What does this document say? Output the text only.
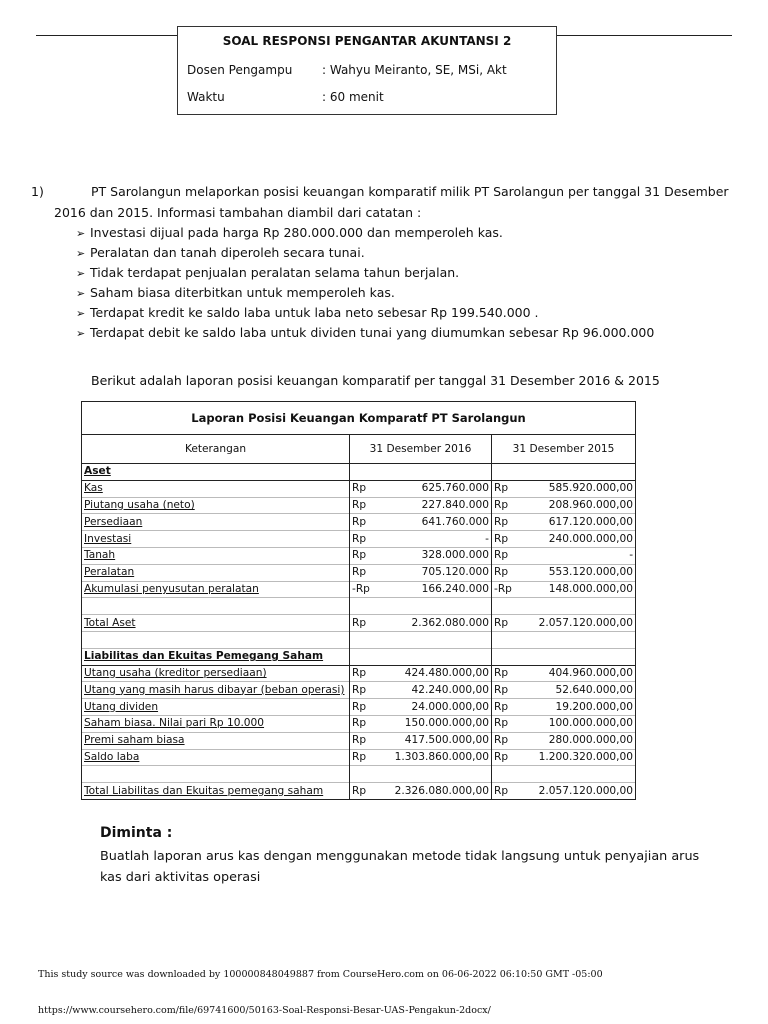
SOAL RESPONSI PENGANTAR AKUNTANSI 2
Dosen Pengampu : Wahyu Meiranto, SE, MSi, Akt
Waktu	: 60 menit
1)	PT Sarolangun melaporkan posisi keuangan komparatif milik PT Sarolangun per tanggal 31 Desember
2016 dan 2015. Informasi tambahan diambil dari catatan :
➢ Investasi dijual pada harga Rp 280.000.000 dan memperoleh kas.
➢ Peralatan dan tanah diperoleh secara tunai.
➢ Tidak terdapat penjualan peralatan selama tahun berjalan.
➢ Saham biasa diterbitkan untuk memperoleh kas.
➢ Terdapat kredit ke saldo laba untuk laba neto sebesar Rp 199.540.000 .
➢ Terdapat debit ke saldo laba untuk dividen tunai yang diumumkan sebesar Rp 96.000.000
Berikut adalah laporan posisi keuangan komparatif per tanggal 31 Desember 2016 & 2015
Laporan Posisi Keuangan Komparatf PT Sarolangun				
Keterangan	31 Desember 2016		31 Desember 2015	
Aset				
Kas	Rp	625.760.000	Rp	585.920.000,00
Piutang usaha (neto)	Rp	227.840.000	Rp	208.960.000,00
Persediaan	Rp	641.760.000	Rp	617.120.000,00
Investasi	Rp	-	Rp	240.000.000,00
Tanah	Rp	328.000.000	Rp	-
Peralatan	Rp	705.120.000	Rp	553.120.000,00
Akumulasi penyusutan peralatan	-Rp	166.240.000	-Rp	148.000.000,00

Total Aset	Rp	2.362.080.000	Rp	2.057.120.000,00

Liabilitas dan Ekuitas Pemegang Saham				
Utang usaha (kreditor persediaan)	Rp	424.480.000,00	Rp	404.960.000,00
Utang yang masih harus dibayar (beban operasi)	Rp	42.240.000,00	Rp	52.640.000,00
Utang dividen	Rp	24.000.000,00	Rp	19.200.000,00
Saham biasa. Nilai pari Rp 10.000	Rp	150.000.000,00	Rp	100.000.000,00
Premi saham biasa	Rp	417.500.000,00	Rp	280.000.000,00
Saldo laba	Rp	1.303.860.000,00	Rp	1.200.320.000,00

Total Liabilitas dan Ekuitas pemegang saham	Rp	2.326.080.000,00	Rp	2.057.120.000,00
Diminta :
Buatlah laporan arus kas dengan menggunakan metode tidak langsung untuk penyajian arus kas dari aktivitas operasi
This study source was downloaded by 100000848049887 from CourseHero.com on 06-06-2022 06:10:50 GMT -05:00
https://www.coursehero.com/file/69741600/50163-Soal-Responsi-Besar-UAS-Pengakun-2docx/
